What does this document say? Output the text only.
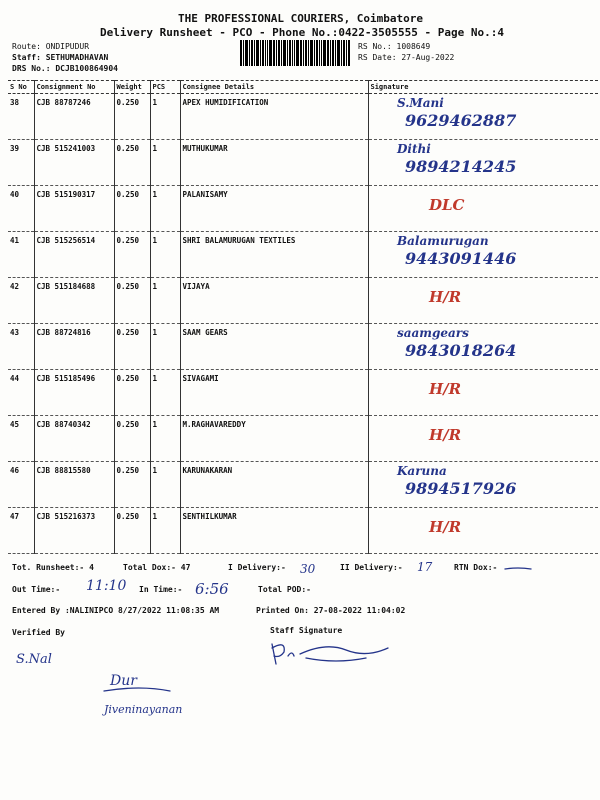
THE PROFESSIONAL COURIERS, Coimbatore
Delivery Runsheet - PCO - Phone No.:0422-3505555 - Page No.:4
Route: ONDIPUDUR
Staff: SETHUMADHAVAN
DRS No.: DCJB100864904
RS No.: 1008649
RS Date: 27-Aug-2022
S No	Consignment No	Weight	PCS	Consignee Details	Signature
38	CJB 88787246	0.250	1	APEX HUMIDIFICATION	S.Mani
9629462887

39	CJB 515241003	0.250	1	MUTHUKUMAR	Dithi
9894214245

40	CJB 515190317	0.250	1	PALANISAMY	DLC

41	CJB 515256514	0.250	1	SHRI BALAMURUGAN TEXTILES	Balamurugan
9443091446

42	CJB 515184688	0.250	1	VIJAYA	H/R

43	CJB 88724816	0.250	1	SAAM GEARS	saamgears
9843018264

44	CJB 515185496	0.250	1	SIVAGAMI	H/R

45	CJB 88740342	0.250	1	M.RAGHAVAREDDY	H/R

46	CJB 88815580	0.250	1	KARUNAKARAN	Karuna
9894517926

47	CJB 515216373	0.250	1	SENTHILKUMAR	H/R
Tot. Runsheet:- 4	Total Dox:- 47	I Delivery:- 30	II Delivery:- 17	RTN Dox:-
Out Time:- 11:10 In Time:- 6:56	Total POD:-
Entered By :NALINIPCO 8/27/2022 11:08:35 AM	Printed On: 27-08-2022 11:04:02
Verified By	Staff Signature
S.Nal
Dur
Jiveninayanan
